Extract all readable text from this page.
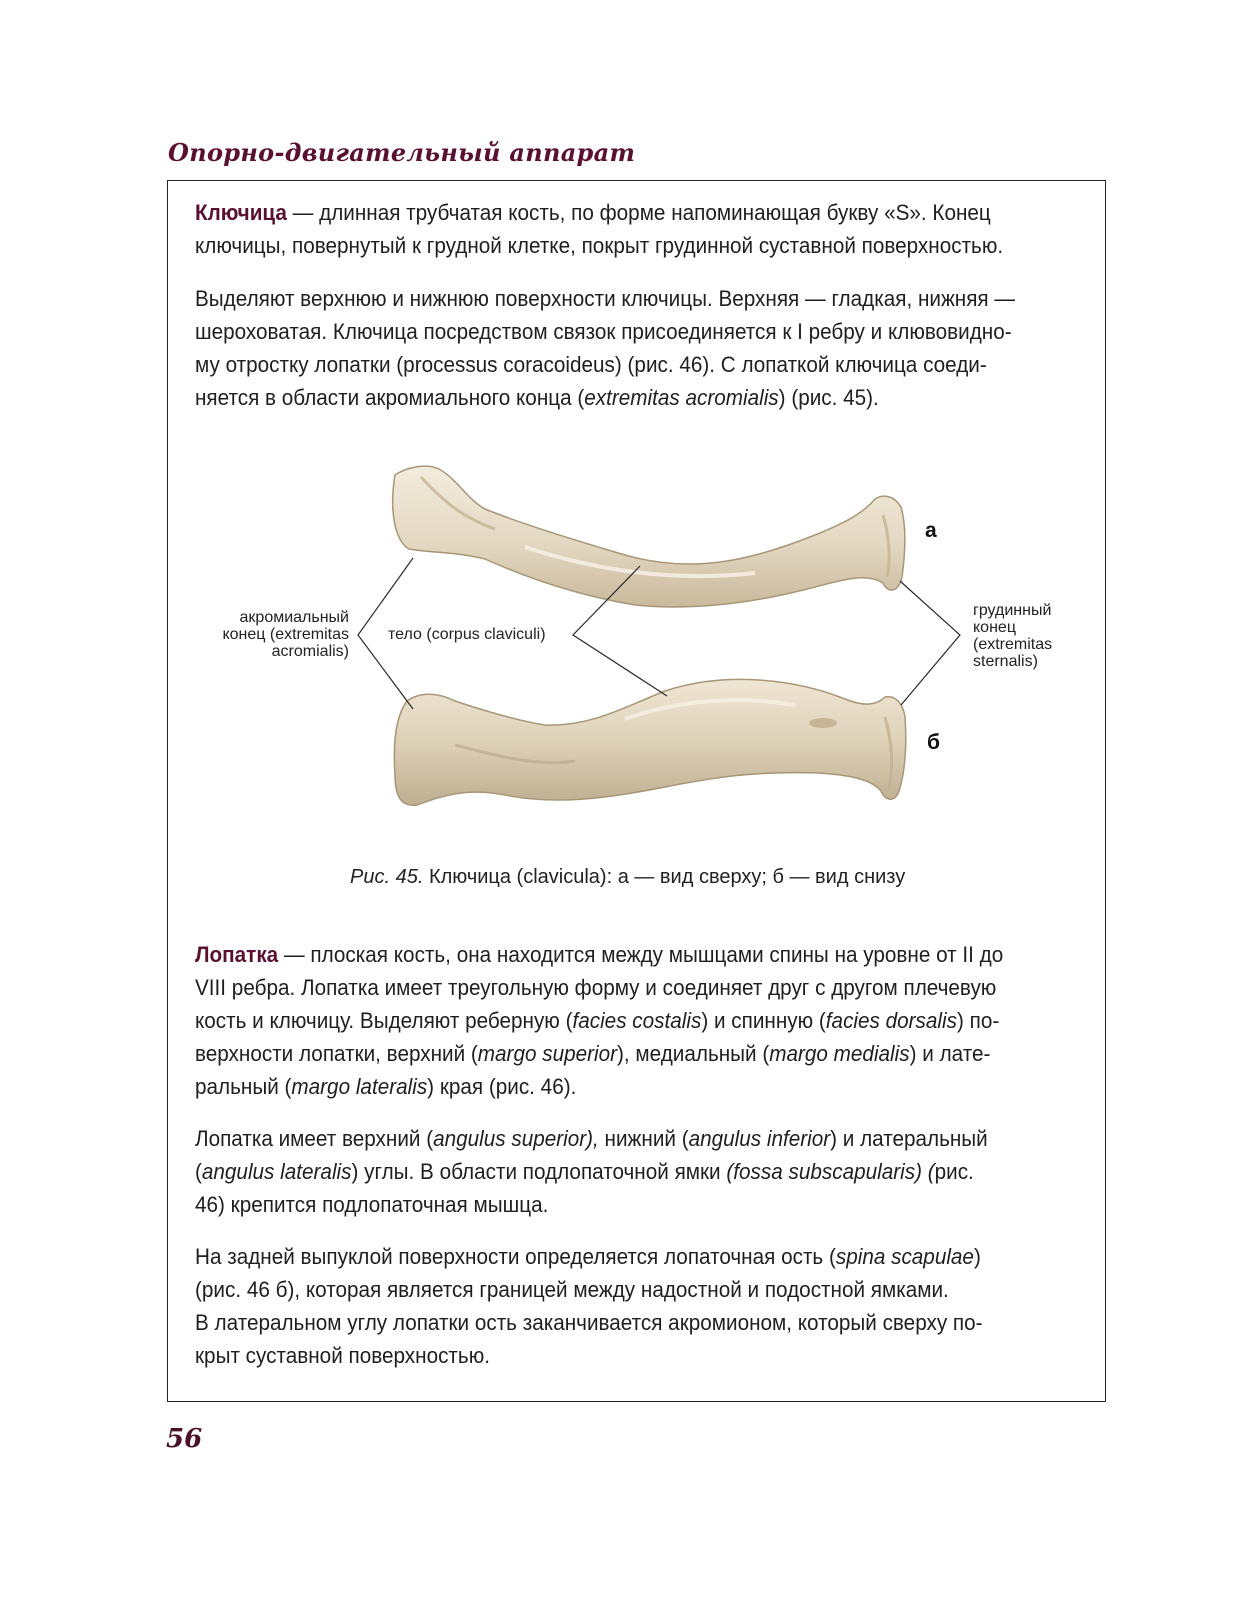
Опорно-двигательный аппарат

Ключица — длинная трубчатая кость, по форме напоминающая букву «S». Конец
ключицы, повернутый к грудной клетке, покрыт грудинной суставной поверхностью.

Выделяют верхнюю и нижнюю поверхности ключицы. Верхняя — гладкая, нижняя —
шероховатая. Ключица посредством связок присоединяется к I ребру и клювовидно-
му отростку лопатки (processus coracoideus) (рис. 46). С лопаткой ключица соеди-
няется в области акромиального конца (extremitas acromialis) (рис. 45).

акромиальный
конец (extremitas
acromialis)
тело (corpus claviculi)
грудинный
конец
(extremitas
sternalis)
а
б
Рис. 45. Ключица (clavicula): а — вид сверху; б — вид снизу

Лопатка — плоская кость, она находится между мышцами спины на уровне от II до
VIII ребра. Лопатка имеет треугольную форму и соединяет друг с другом плечевую
кость и ключицу. Выделяют реберную (facies costalis) и спинную (facies dorsalis) по-
верхности лопатки, верхний (margo superior), медиальный (margo medialis) и лате-
ральный (margo lateralis) края (рис. 46).

Лопатка имеет верхний (angulus superior), нижний (angulus inferior) и латеральный
(angulus lateralis) углы. В области подлопаточной ямки (fossa subscapularis) (рис.
46) крепится подлопаточная мышца.

На задней выпуклой поверхности определяется лопаточная ость (spina scapulae)
(рис. 46 б), которая является границей между надостной и подостной ямками.
В латеральном углу лопатки ость заканчивается акромионом, который сверху по-
крыт суставной поверхностью.

56
